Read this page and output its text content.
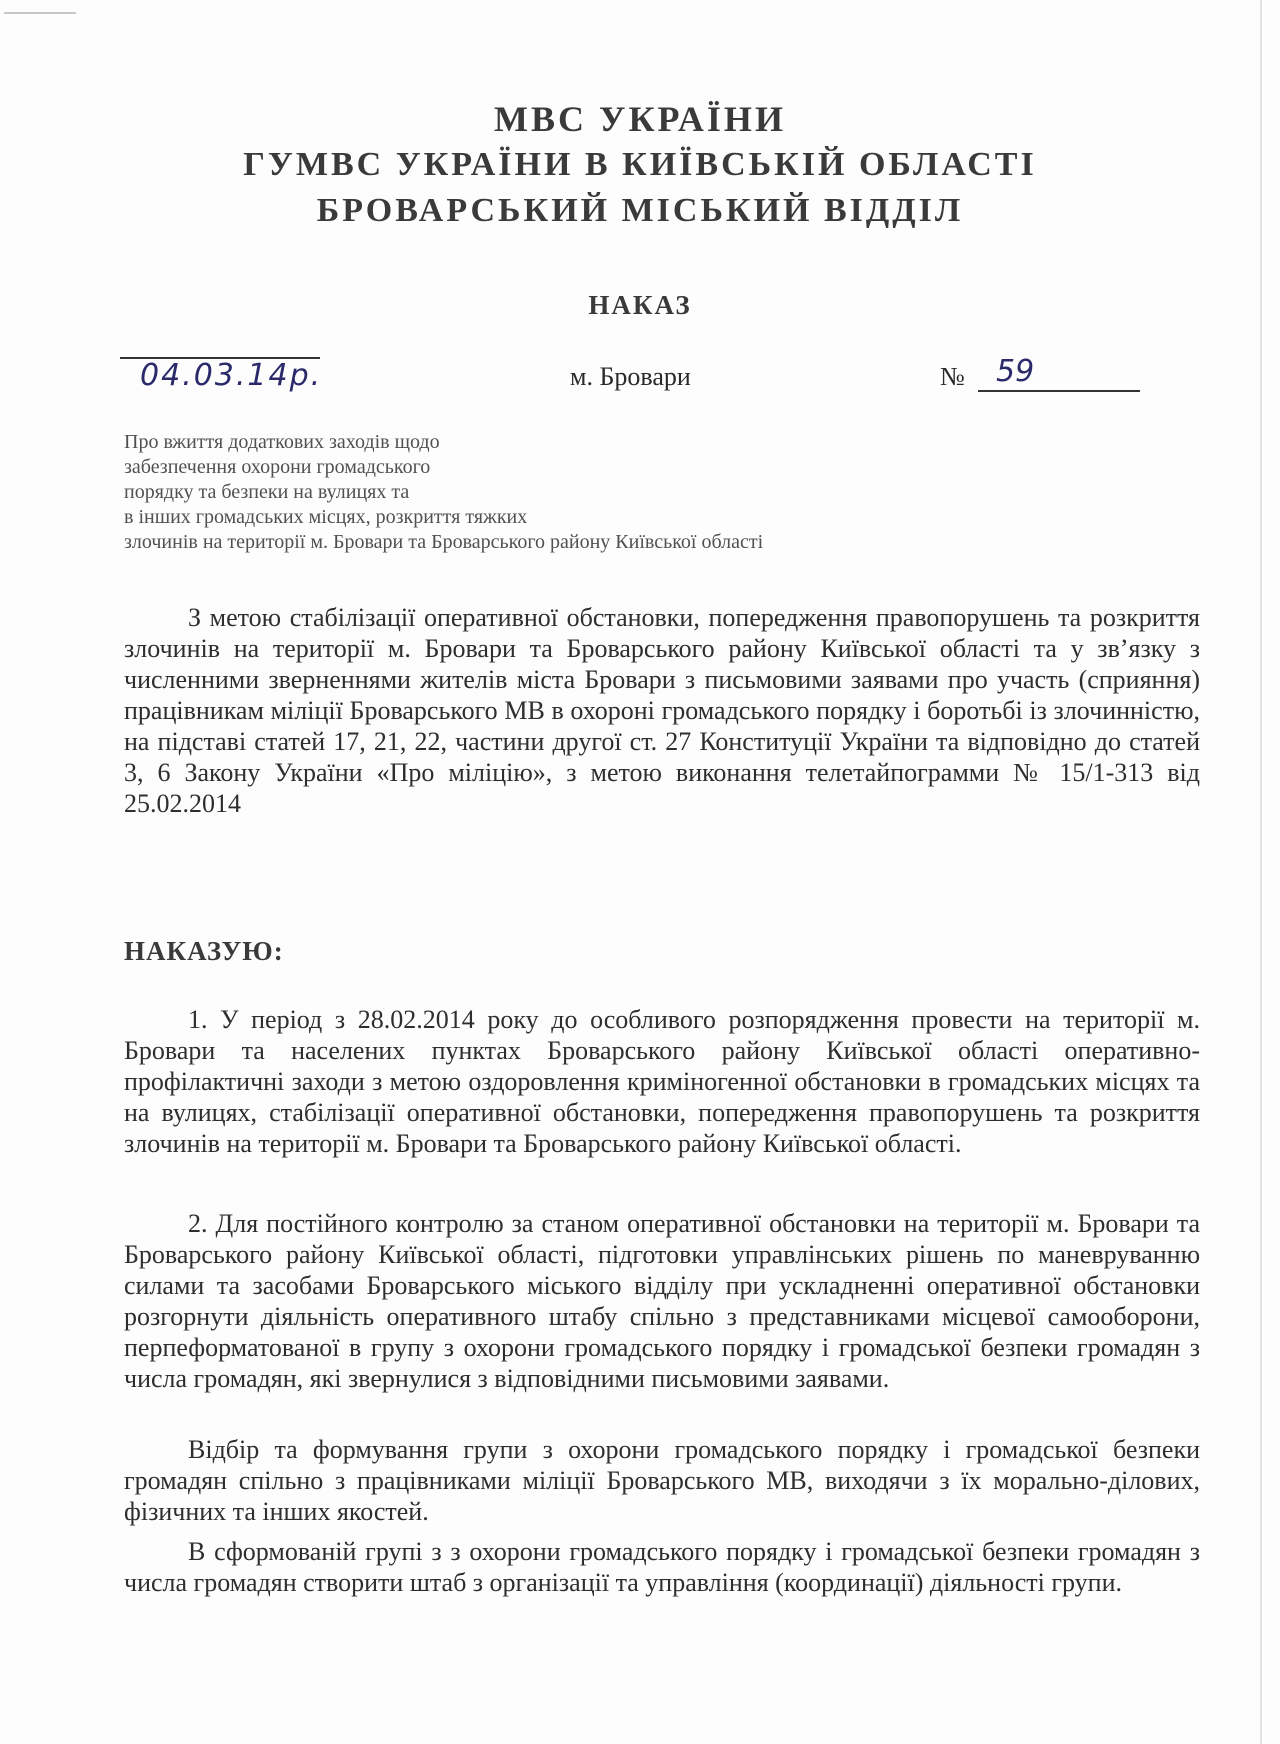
МВС УКРАЇНИ
ГУМВС УКРАЇНИ В КИЇВСЬКІЙ ОБЛАСТІ
БРОВАРСЬКИЙ МІСЬКИЙ ВІДДІЛ
НАКАЗ
04.03.14р.	м. Бровари	№ 59
Про вжиття додаткових заходів щодо
забезпечення охорони громадського
порядку та безпеки на вулицях та
в інших громадських місцях, розкриття тяжких
злочинів на території м. Бровари та Броварського району Київської області
З метою стабілізації оперативної обстановки, попередження правопорушень та розкриття злочинів на території м. Бровари та Броварського району Київської області та у зв’язку з численними зверненнями жителів міста Бровари з письмовими заявами про участь (сприяння) працівникам міліції Броварського МВ в охороні громадського порядку і боротьбі із злочинністю, на підставі статей 17, 21, 22, частини другої ст. 27 Конституції України та відповідно до статей 3, 6 Закону України «Про міліцію», з метою виконання телетайпограмми № 15/1-313 від 25.02.2014
НАКАЗУЮ:
1. У період з 28.02.2014 року до особливого розпорядження провести на території м. Бровари та населених пунктах Броварського району Київської області оперативно-профілактичні заходи з метою оздоровлення криміногенної обстановки в громадських місцях та на вулицях, стабілізації оперативної обстановки, попередження правопорушень та розкриття злочинів на території м. Бровари та Броварського району Київської області.
2. Для постійного контролю за станом оперативної обстановки на території м. Бровари та Броварського району Київської області, підготовки управлінських рішень по маневруванню силами та засобами Броварського міського відділу при ускладненні оперативної обстановки розгорнути діяльність оперативного штабу спільно з представниками місцевої самооборони, перпеформатованої в групу з охорони громадського порядку і громадської безпеки громадян з числа громадян, які звернулися з відповідними письмовими заявами.
Відбір та формування групи з охорони громадського порядку і громадської безпеки громадян спільно з працівниками міліції Броварського МВ, виходячи з їх морально-ділових, фізичних та інших якостей.
В сформованій групі з з охорони громадського порядку і громадської безпеки громадян з числа громадян створити штаб з організації та управління (координації) діяльності групи.
